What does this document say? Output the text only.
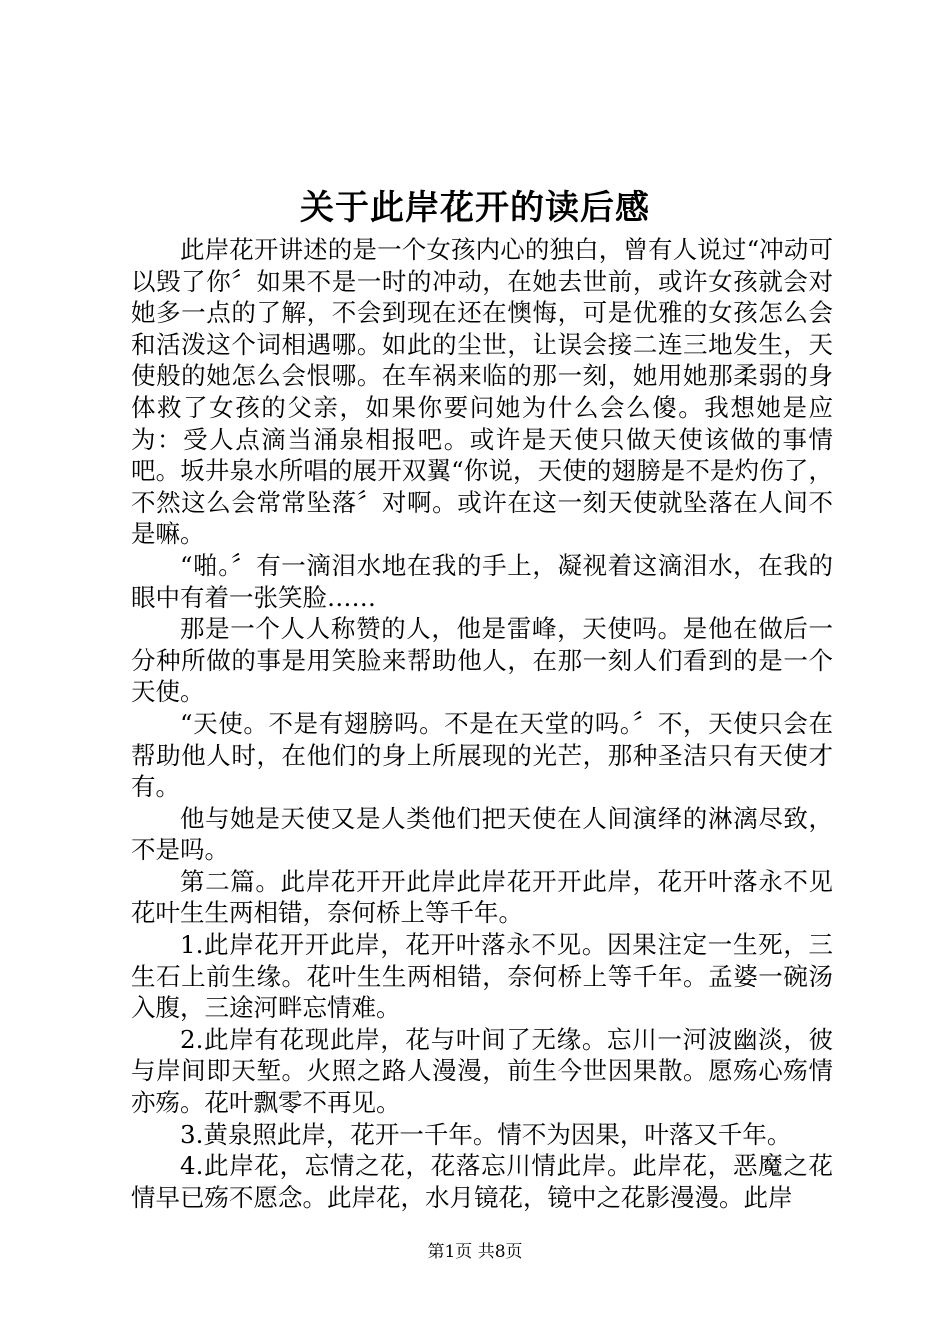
关于此岸花开的读后感

此岸花开讲述的是一个女孩内心的独白，曾有人说过“冲动可以毁了你〞如果不是一时的冲动，在她去世前，或许女孩就会对她多一点的了解，不会到现在还在懊悔，可是优雅的女孩怎么会和活泼这个词相遇哪。如此的尘世，让误会接二连三地发生，天使般的她怎么会恨哪。在车祸来临的那一刻，她用她那柔弱的身体救了女孩的父亲，如果你要问她为什么会么傻。我想她是应为：受人点滴当涌泉相报吧。或许是天使只做天使该做的事情吧。坂井泉水所唱的展开双翼“你说，天使的翅膀是不是灼伤了，不然这么会常常坠落〞对啊。或许在这一刻天使就坠落在人间不是嘛。

“啪。〞有一滴泪水地在我的手上，凝视着这滴泪水，在我的眼中有着一张笑脸……

那是一个人人称赞的人，他是雷峰，天使吗。是他在做后一分种所做的事是用笑脸来帮助他人，在那一刻人们看到的是一个天使。

“天使。不是有翅膀吗。不是在天堂的吗。〞不，天使只会在帮助他人时，在他们的身上所展现的光芒，那种圣洁只有天使才有。

他与她是天使又是人类他们把天使在人间演绎的淋漓尽致，不是吗。

第二篇。此岸花开开此岸此岸花开开此岸，花开叶落永不见花叶生生两相错，奈何桥上等千年。

1.此岸花开开此岸，花开叶落永不见。因果注定一生死，三生石上前生缘。花叶生生两相错，奈何桥上等千年。孟婆一碗汤入腹，三途河畔忘情难。

2.此岸有花现此岸，花与叶间了无缘。忘川一河波幽淡，彼与岸间即天堑。火照之路人漫漫，前生今世因果散。愿殇心殇情亦殇。花叶飘零不再见。

3.黄泉照此岸，花开一千年。情不为因果，叶落又千年。

4.此岸花，忘情之花，花落忘川情此岸。此岸花，恶魔之花情早已殇不愿念。此岸花，水月镜花，镜中之花影漫漫。此岸

第1页 共8页
